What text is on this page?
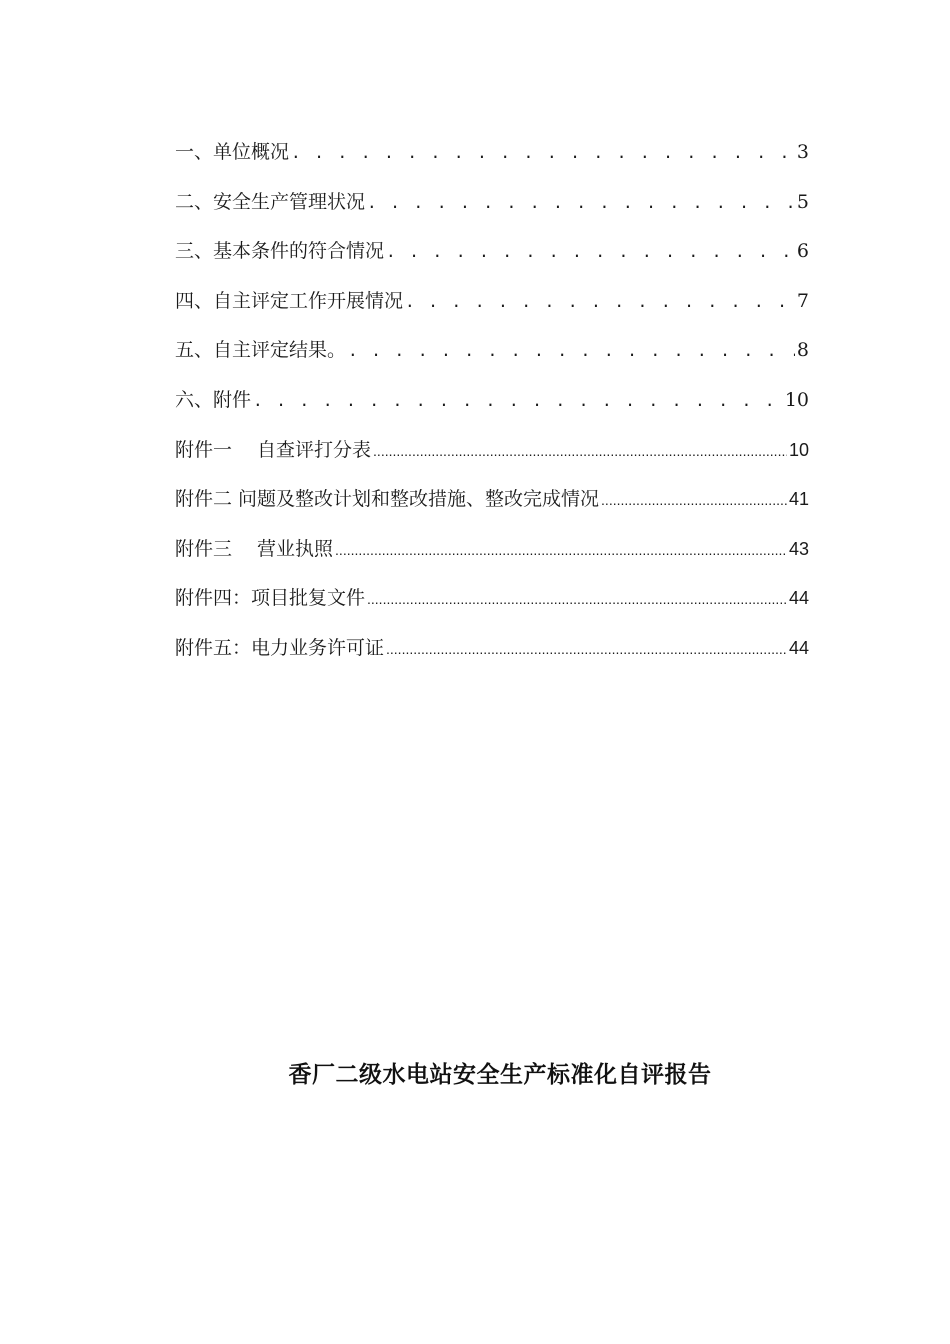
一、单位概况 . . .	3
二、安全生产管理状况 . . .	5
三、基本条件的符合情况 . . .	6
四、自主评定工作开展情况 . . .	7
五、自主评定结果。 . . .	8
六、附件 . . .	10
附件一　 自查评打分表 .....	10
附件二 问题及整改计划和整改措施、整改完成情况 .....	41
附件三　 营业执照 .....	43
附件四：项目批复文件 .....	44
附件五：电力业务许可证 .....	44
香厂二级水电站安全生产标准化自评报告
